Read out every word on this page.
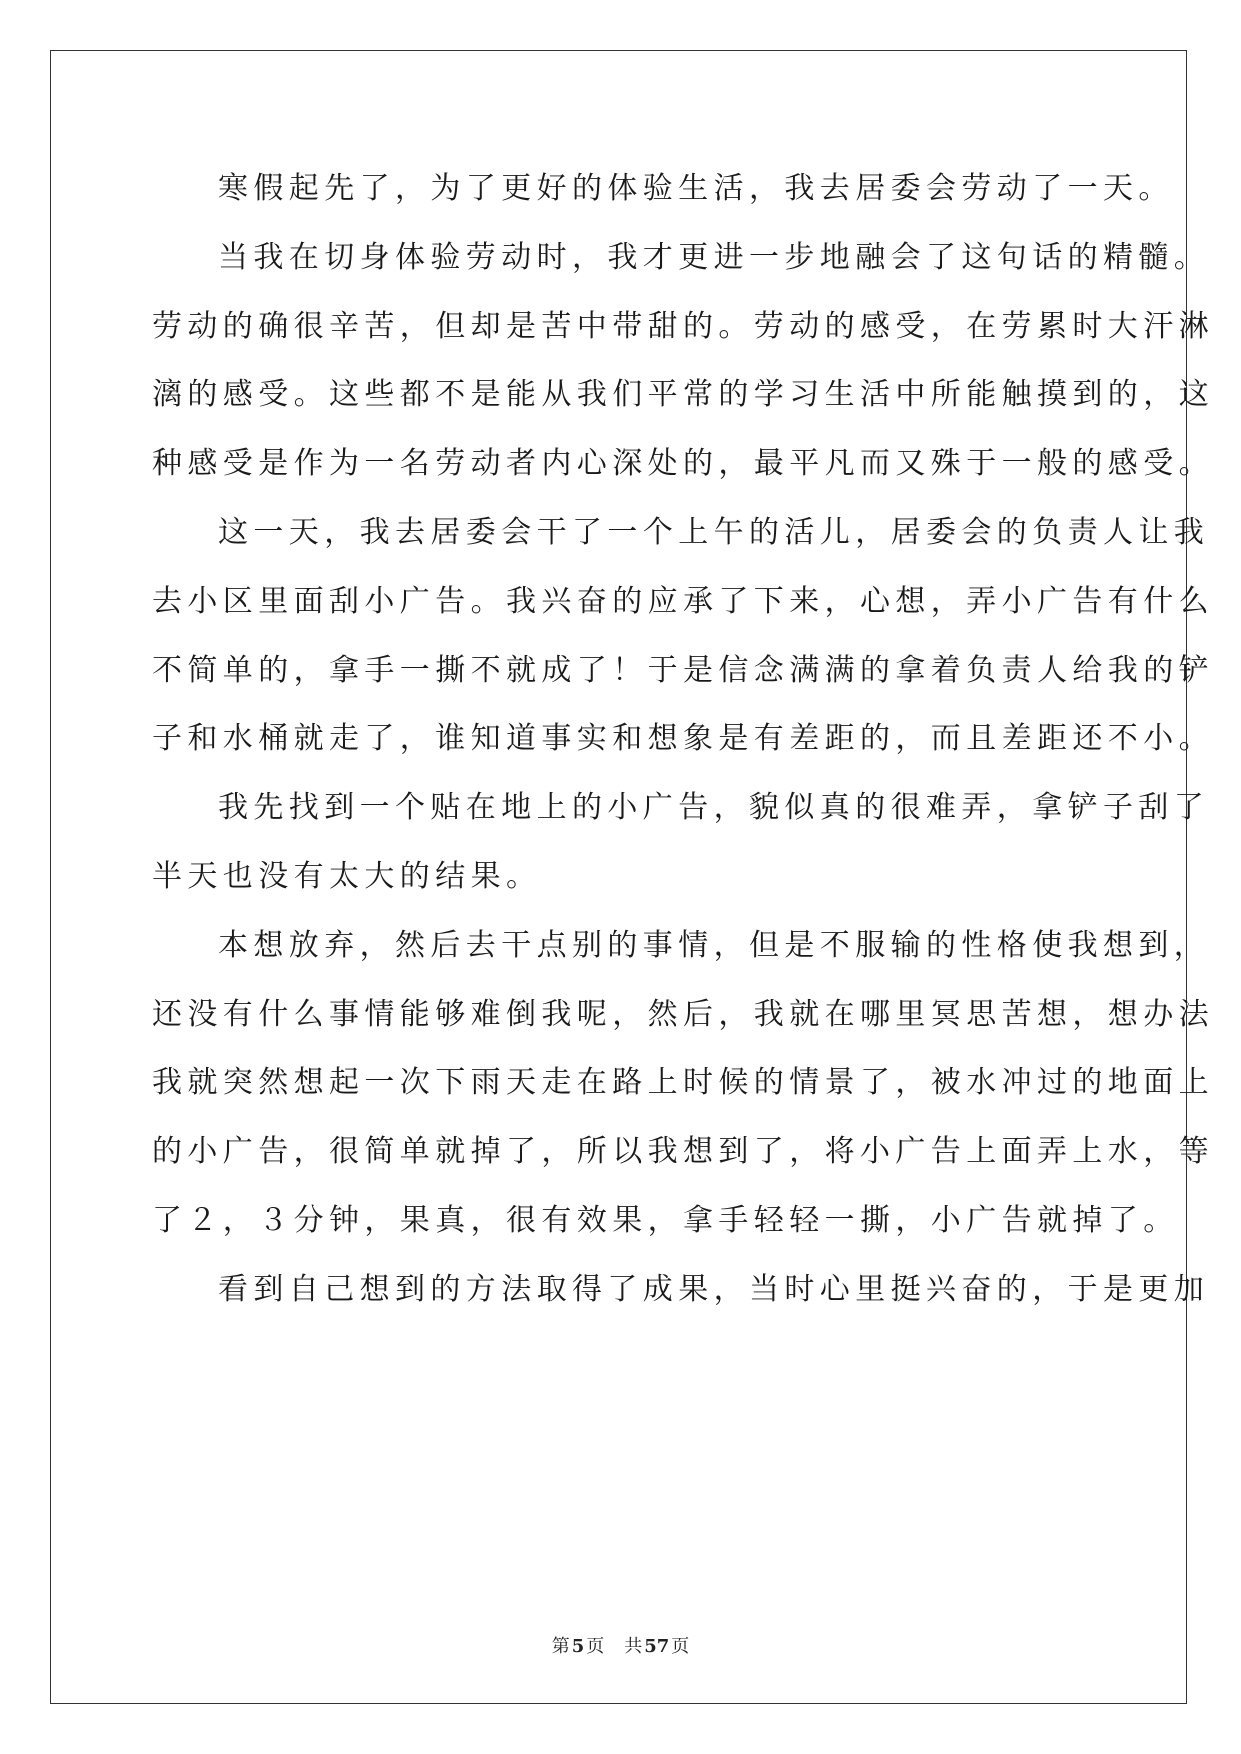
寒假起先了，为了更好的体验生活，我去居委会劳动了一天。

当我在切身体验劳动时，我才更进一步地融会了这句话的精髓。

劳动的确很辛苦，但却是苦中带甜的。劳动的感受，在劳累时大汗淋

漓的感受。这些都不是能从我们平常的学习生活中所能触摸到的，这

种感受是作为一名劳动者内心深处的，最平凡而又殊于一般的感受。

这一天，我去居委会干了一个上午的活儿，居委会的负责人让我

去小区里面刮小广告。我兴奋的应承了下来，心想，弄小广告有什么

不简单的，拿手一撕不就成了！于是信念满满的拿着负责人给我的铲

子和水桶就走了，谁知道事实和想象是有差距的，而且差距还不小。

我先找到一个贴在地上的小广告，貌似真的很难弄，拿铲子刮了

半天也没有太大的结果。

本想放弃，然后去干点别的事情，但是不服输的性格使我想到，

还没有什么事情能够难倒我呢，然后，我就在哪里冥思苦想，想办法

我就突然想起一次下雨天走在路上时候的情景了，被水冲过的地面上

的小广告，很简单就掉了，所以我想到了，将小广告上面弄上水，等

了２，３分钟，果真，很有效果，拿手轻轻一撕，小广告就掉了。

看到自己想到的方法取得了成果，当时心里挺兴奋的，于是更加

第 5 页 共 57 页
